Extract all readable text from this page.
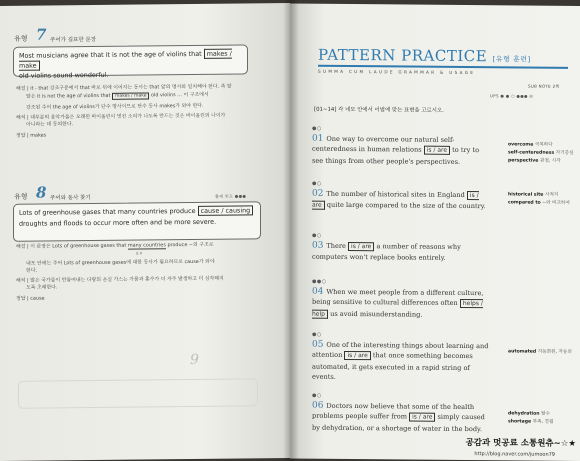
유형 7 주어가 길표한 문장
Most musicians agree that it is not the age of violins that makes / make
old violins sound wonderful.
해설 | it - that 강조구문에서 that 바로 뒤에 이어지는 동사는 that 앞의 명사와 일치해야 한다. 즉 앞
앞은 it is not the age of violins that makes / make old violins ... 이 구조에서
강조된 주어 the age of violins가 단수 명사이므로 단수 동사 makes가 와야 한다.
해석 | 대부분의 음악가들은 오래된 바이올린이 멋진 소리가 나도록 만드는 것은 바이올린의 나이가
아니라는 데 동의한다.
정답 | makes
유형 8 주어와 동사 찾기	출제 빈도 ●●●
Lots of greenhouse gases that many countries produce cause / causing
droughts and floods to occur more often and be more severe.
해설 | 이 문장은 Lots of greenhouse gases that many countries produce ~의 구조로
S V
내포 안에는 주어 Lots of greenhouse gases에 대한 동사가 필요하므로 cause가 와야
한다.
해석 | 많은 국가들이 만들어내는 다량의 온실 가스는 가뭄과 홍수가 더 자주 발생하고 더 심각해지
도록 초래한다.
정답 | cause
9
PATTERN PRACTICE [유형 훈련]
SUMMA CUM LAUDE GRAMMAR & USAGE
SUB NOTE 2쪽
UPS ● ● ○ ●●● ◎
[01~14] 각 네모 안에서 어법에 맞는 표현을 고르시오.
●○
01 One way to overcome our natural self-centeredness in human relations is / are to try to see things from other people's perspectives.
●○
02 The number of historical sites in England is / are quite large compared to the size of the country.
●○
03 There is / are a number of reasons why computers won't replace books entirely.
●●○
04 When we meet people from a different culture, being sensitive to cultural differences often helps / help us avoid misunderstanding.
●○
05 One of the interesting things about learning and attention is / are that once something becomes automated, it gets executed in a rapid string of events.
●○
06 Doctors now believe that some of the health problems people suffer from is / are simply caused by dehydration, or a shortage of water in the body.
overcome 극복하다
self-centeredness 자기중심
perspective 관점, 시각
historical site 사적지
compared to ~와 비교하여
automated 자동화된, 자동의
dehydration 탈수
shortage 부족, 결핍
공감과 멋공료 소통원츄~☆★
http://blog.naver.com/jumoon79
